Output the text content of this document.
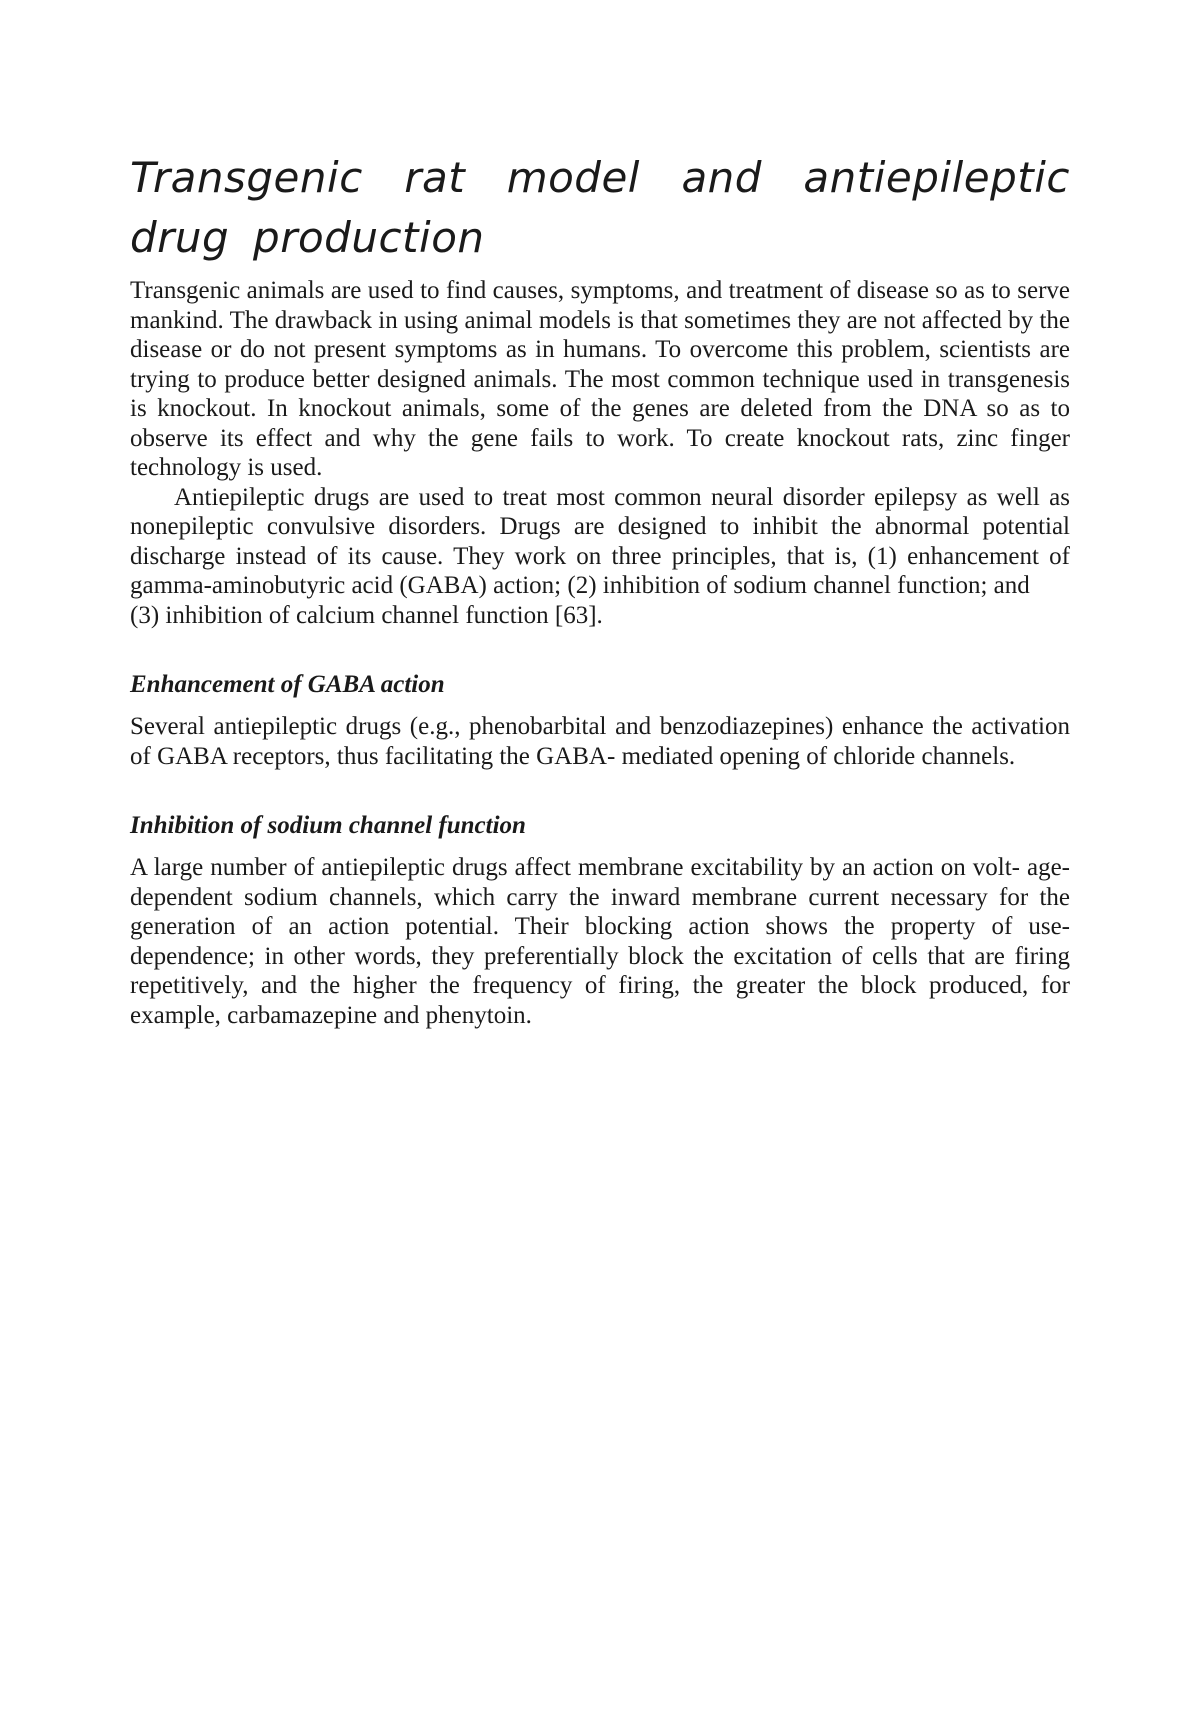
Transgenic rat model and antiepileptic drug production

Transgenic animals are used to find causes, symptoms, and treatment of disease so as to serve mankind. The drawback in using animal models is that sometimes they are not affected by the disease or do not present symptoms as in humans. To overcome this problem, scientists are trying to produce better designed animals. The most common technique used in transgenesis is knockout. In knockout animals, some of the genes are deleted from the DNA so as to observe its effect and why the gene fails to work. To create knockout rats, zinc finger technology is used.

Antiepileptic drugs are used to treat most common neural disorder epilepsy as well as nonepileptic convulsive disorders. Drugs are designed to inhibit the abnormal potential discharge instead of its cause. They work on three principles, that is, (1) enhancement of gamma-aminobutyric acid (GABA) action; (2) inhibition of sodium channel function; and

(3) inhibition of calcium channel function [63].

Enhancement of GABA action

Several antiepileptic drugs (e.g., phenobarbital and benzodiazepines) enhance the activation of GABA receptors, thus facilitating the GABA- mediated opening of chloride channels.

Inhibition of sodium channel function

A large number of antiepileptic drugs affect membrane excitability by an action on volt- age-dependent sodium channels, which carry the inward membrane current necessary for the generation of an action potential. Their blocking action shows the property of use- dependence; in other words, they preferentially block the excitation of cells that are firing repetitively, and the higher the frequency of firing, the greater the block produced, for example, carbamazepine and phenytoin.
